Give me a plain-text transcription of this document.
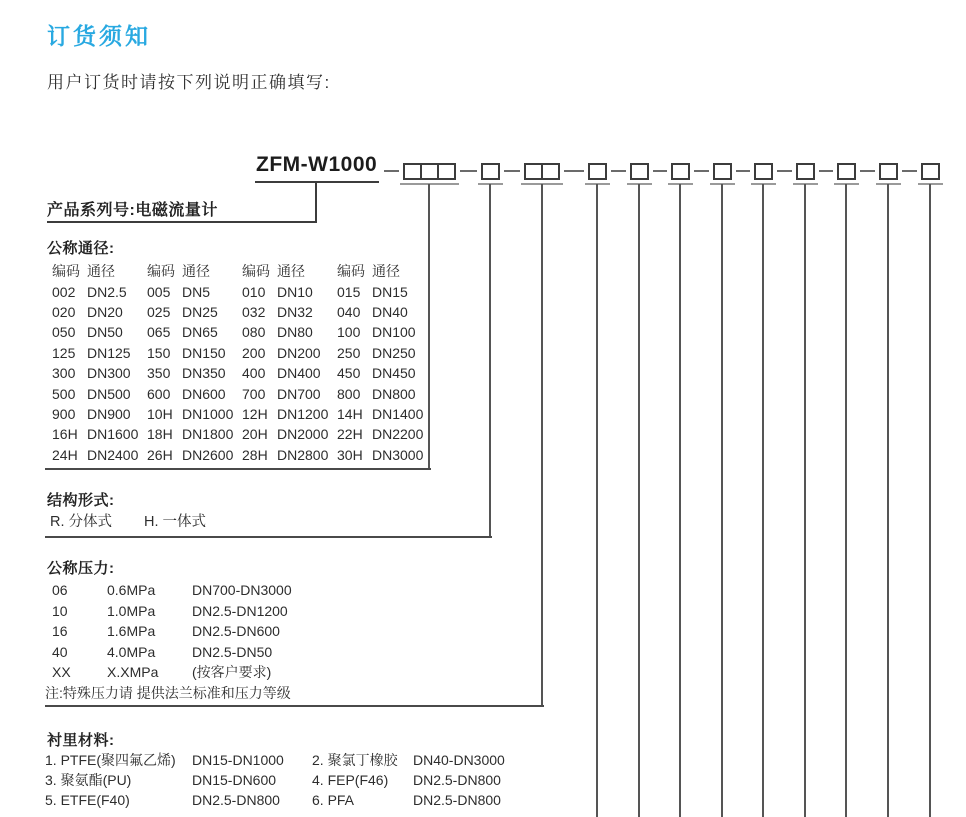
订货须知
用户订货时请按下列说明正确填写:
ZFM-W1000
产品系列号:电磁流量计
公称通径:
编码 通径	编码 通径	编码 通径	编码 通径
002 DN2.5	005 DN5	010 DN10	015 DN15
020 DN20	025 DN25	032 DN32	040 DN40
050 DN50	065 DN65	080 DN80	100 DN100
125 DN125	150 DN150	200 DN200	250 DN250
300 DN300	350 DN350	400 DN400	450 DN450
500 DN500	600 DN600	700 DN700	800 DN800
900 DN900	10H DN1000 12H DN1200 14H DN1400
16H DN1600 18H DN1800 20H DN2000 22H DN2200
24H DN2400 26H DN2600 28H DN2800 30H DN3000
结构形式:
R. 分体式 H. 一体式
公称压力:
06	0.6MPa	DN700-DN3000
10	1.0MPa	DN2.5-DN1200
16	1.6MPa	DN2.5-DN600
40	4.0MPa	DN2.5-DN50
XX	X.XMPa	(按客户要求)
注:特殊压力请 提供法兰标准和压力等级
衬里材料:
1. PTFE(聚四氟乙烯)	DN15-DN1000	2. 聚氯丁橡胶	DN40-DN3000
3. 聚氨酯(PU)	DN15-DN600	4. FEP(F46)	DN2.5-DN800
5. ETFE(F40)	DN2.5-DN800	6. PFA	DN2.5-DN800
